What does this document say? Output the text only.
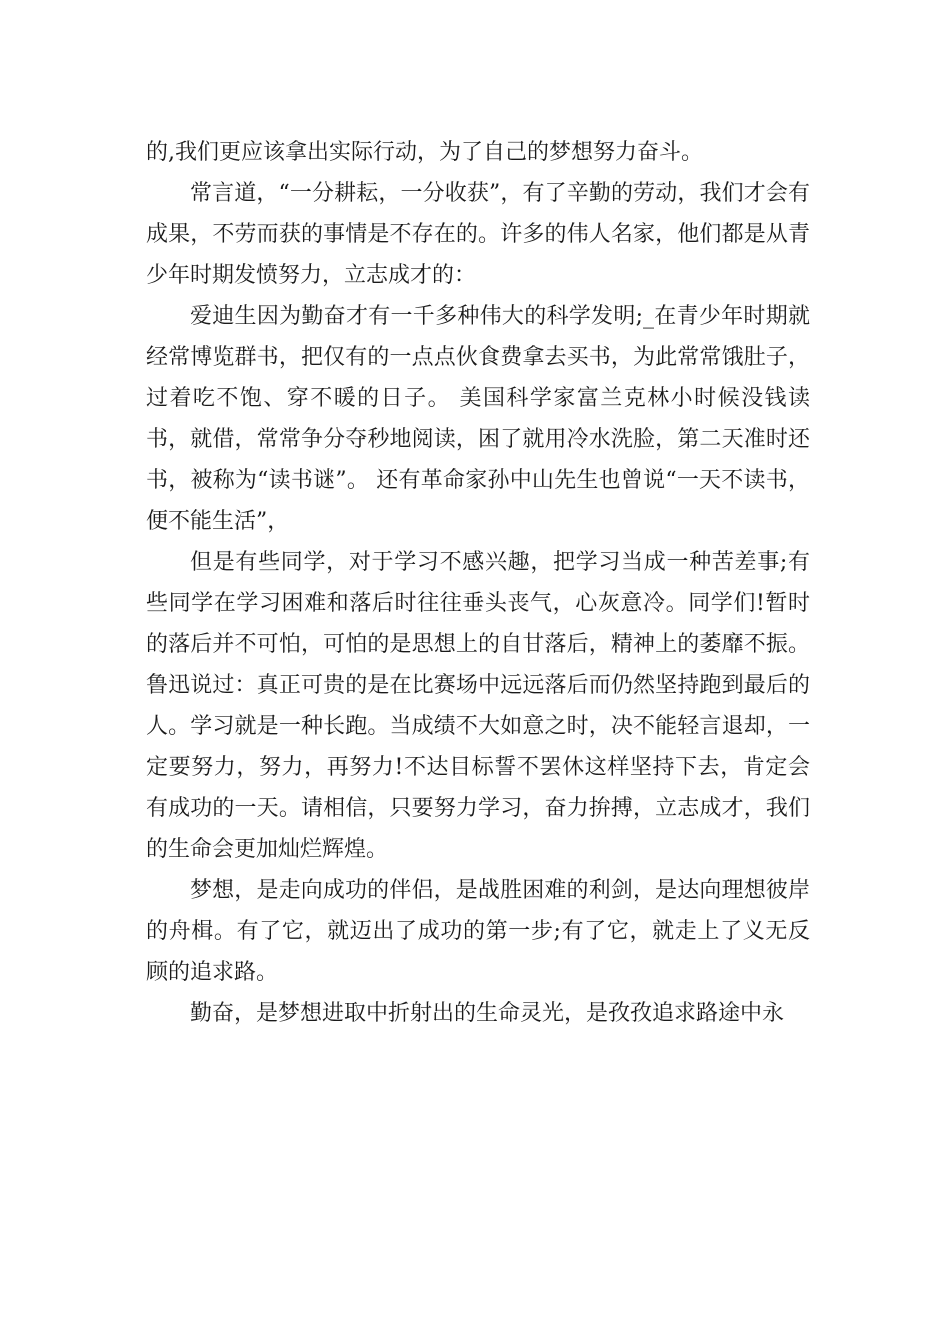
的,我们更应该拿出实际行动，为了自己的梦想努力奋斗。

常言道，“一分耕耘，一分收获”，有了辛勤的劳动，我们才会有成果，不劳而获的事情是不存在的。许多的伟人名家，他们都是从青少年时期发愤努力，立志成才的：

爱迪生因为勤奋才有一千多种伟大的科学发明;_在青少年时期就经常博览群书，把仅有的一点点伙食费拿去买书，为此常常饿肚子，过着吃不饱、穿不暖的日子。 美国科学家富兰克林小时候没钱读书，就借，常常争分夺秒地阅读，困了就用冷水洗脸，第二天准时还书，被称为“读书谜”。 还有革命家孙中山先生也曾说“一天不读书，便不能生活”，

但是有些同学，对于学习不感兴趣，把学习当成一种苦差事;有些同学在学习困难和落后时往往垂头丧气，心灰意冷。同学们!暂时的落后并不可怕，可怕的是思想上的自甘落后，精神上的萎靡不振。鲁迅说过：真正可贵的是在比赛场中远远落后而仍然坚持跑到最后的人。学习就是一种长跑。当成绩不大如意之时，决不能轻言退却，一定要努力，努力，再努力!不达目标誓不罢休这样坚持下去，肯定会有成功的一天。请相信，只要努力学习，奋力拚搏，立志成才，我们的生命会更加灿烂辉煌。

梦想，是走向成功的伴侣，是战胜困难的利剑，是达向理想彼岸的舟楫。有了它，就迈出了成功的第一步;有了它，就走上了义无反顾的追求路。

勤奋，是梦想进取中折射出的生命灵光，是孜孜追求路途中永
